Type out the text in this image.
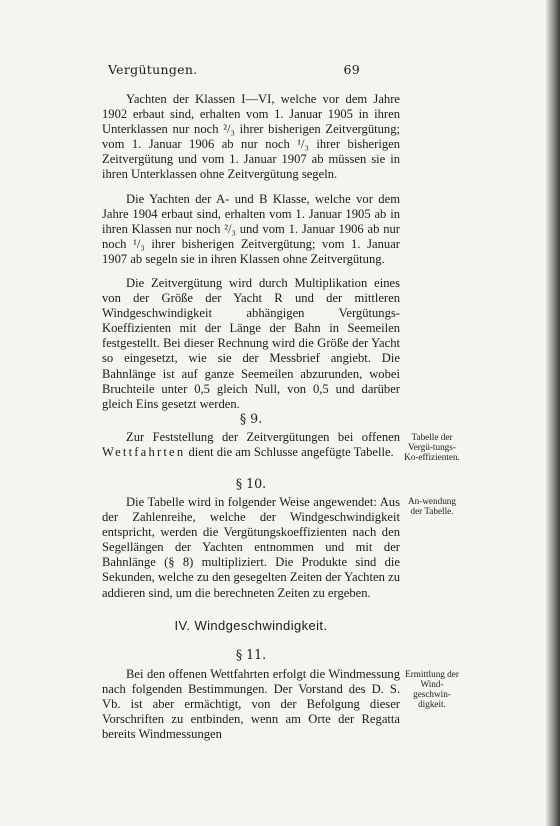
Vergütungen.	69

Yachten der Klassen I—VI, welche vor dem Jahre 1902 erbaut sind, erhalten vom 1. Januar 1905 in ihren Unterklassen nur noch ²/₃ ihrer bisherigen Zeitvergütung; vom 1. Januar 1906 ab nur noch ¹/₃ ihrer bisherigen Zeitvergütung und vom 1. Januar 1907 ab müssen sie in ihren Unterklassen ohne Zeitvergütung segeln.

Die Yachten der A- und B Klasse, welche vor dem Jahre 1904 erbaut sind, erhalten vom 1. Januar 1905 ab in ihren Klassen nur noch ²/₃ und vom 1. Januar 1906 ab nur noch ¹/₃ ihrer bisherigen Zeitvergütung; vom 1. Januar 1907 ab segeln sie in ihren Klassen ohne Zeitvergütung.

Die Zeitvergütung wird durch Multiplikation eines von der Größe der Yacht R und der mittleren Windgeschwindigkeit abhängigen Vergütungs-Koeffizienten mit der Länge der Bahn in Seemeilen festgestellt. Bei dieser Rechnung wird die Größe der Yacht so eingesetzt, wie sie der Messbrief angiebt. Die Bahnlänge ist auf ganze Seemeilen abzurunden, wobei Bruchteile unter 0,5 gleich Null, von 0,5 und darüber gleich Eins gesetzt werden.

§ 9.

Zur Feststellung der Zeitvergütungen bei offenen Wettfahrten dient die am Schlusse angefügte Tabelle.

Tabelle der Vergü-tungs-Ko-effizienten.
§ 10.

Die Tabelle wird in folgender Weise angewendet: Aus der Zahlenreihe, welche der Windgeschwindigkeit entspricht, werden die Vergütungskoeffizienten nach den Segellängen der Yachten entnommen und mit der Bahnlänge (§ 8) multipliziert. Die Produkte sind die Sekunden, welche zu den gesegelten Zeiten der Yachten zu addieren sind, um die berechneten Zeiten zu ergeben.

An-wendung der Tabelle.
IV. Windgeschwindigkeit.
§ 11.

Bei den offenen Wettfahrten erfolgt die Windmessung nach folgenden Bestimmungen. Der Vorstand des D. S. Vb. ist aber ermächtigt, von der Befolgung dieser Vorschriften zu entbinden, wenn am Orte der Regatta bereits Windmessungen

Ermittlung der Wind-geschwin-digkeit.
